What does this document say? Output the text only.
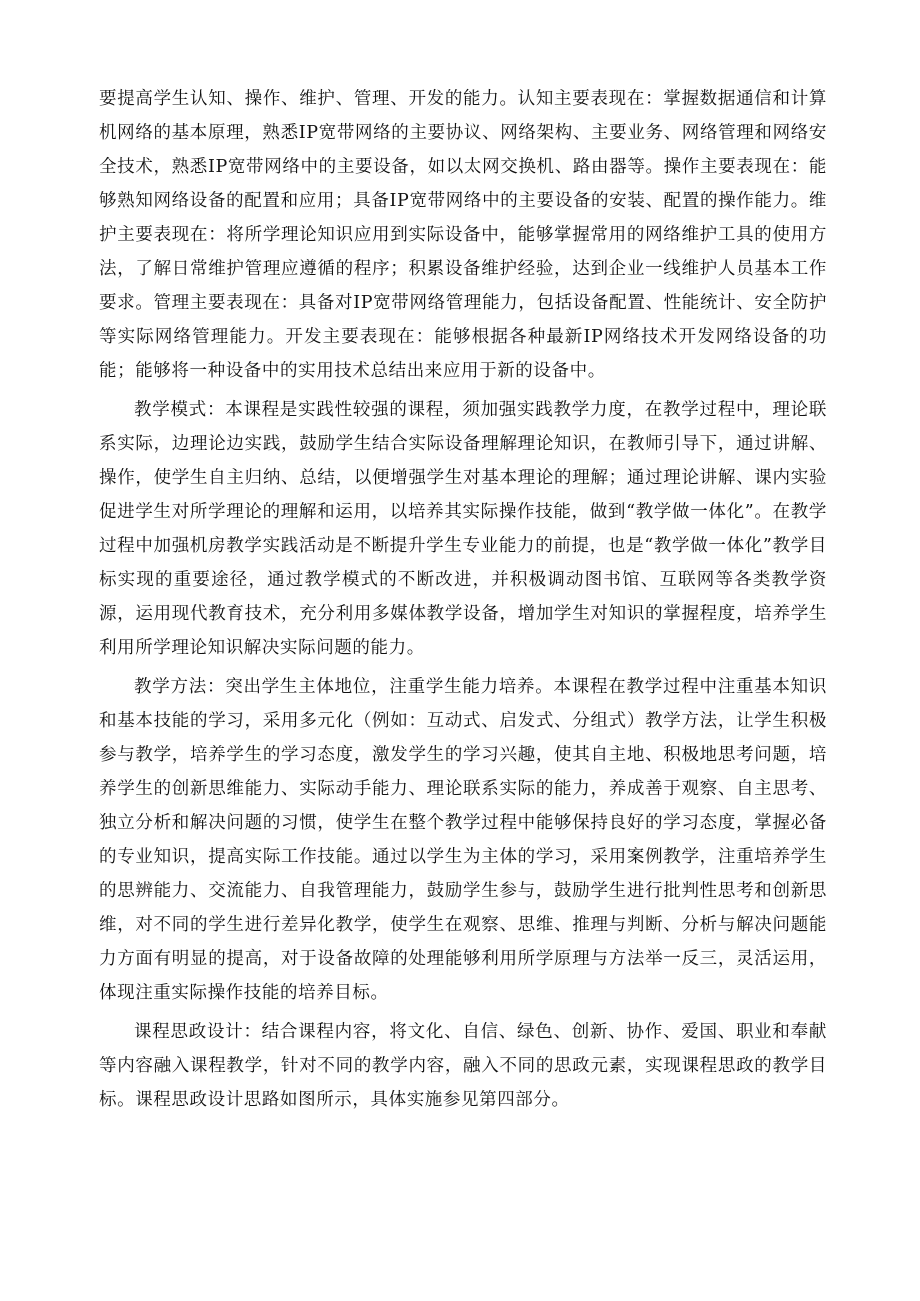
要提高学生认知、操作、维护、管理、开发的能力。认知主要表现在：掌握数据通信和计算机网络的基本原理，熟悉IP宽带网络的主要协议、网络架构、主要业务、网络管理和网络安全技术，熟悉IP宽带网络中的主要设备，如以太网交换机、路由器等。操作主要表现在：能够熟知网络设备的配置和应用；具备IP宽带网络中的主要设备的安装、配置的操作能力。维护主要表现在：将所学理论知识应用到实际设备中，能够掌握常用的网络维护工具的使用方法，了解日常维护管理应遵循的程序；积累设备维护经验，达到企业一线维护人员基本工作要求。管理主要表现在：具备对IP宽带网络管理能力，包括设备配置、性能统计、安全防护等实际网络管理能力。开发主要表现在：能够根据各种最新IP网络技术开发网络设备的功能；能够将一种设备中的实用技术总结出来应用于新的设备中。

教学模式：本课程是实践性较强的课程，须加强实践教学力度，在教学过程中，理论联系实际，边理论边实践，鼓励学生结合实际设备理解理论知识，在教师引导下，通过讲解、操作，使学生自主归纳、总结，以便增强学生对基本理论的理解；通过理论讲解、课内实验促进学生对所学理论的理解和运用，以培养其实际操作技能，做到“教学做一体化”。在教学过程中加强机房教学实践活动是不断提升学生专业能力的前提，也是“教学做一体化”教学目标实现的重要途径，通过教学模式的不断改进，并积极调动图书馆、互联网等各类教学资源，运用现代教育技术，充分利用多媒体教学设备，增加学生对知识的掌握程度，培养学生利用所学理论知识解决实际问题的能力。

教学方法：突出学生主体地位，注重学生能力培养。本课程在教学过程中注重基本知识和基本技能的学习，采用多元化（例如：互动式、启发式、分组式）教学方法，让学生积极参与教学，培养学生的学习态度，激发学生的学习兴趣，使其自主地、积极地思考问题，培养学生的创新思维能力、实际动手能力、理论联系实际的能力，养成善于观察、自主思考、独立分析和解决问题的习惯，使学生在整个教学过程中能够保持良好的学习态度，掌握必备的专业知识，提高实际工作技能。通过以学生为主体的学习，采用案例教学，注重培养学生的思辨能力、交流能力、自我管理能力，鼓励学生参与，鼓励学生进行批判性思考和创新思维，对不同的学生进行差异化教学，使学生在观察、思维、推理与判断、分析与解决问题能力方面有明显的提高，对于设备故障的处理能够利用所学原理与方法举一反三，灵活运用，体现注重实际操作技能的培养目标。

课程思政设计：结合课程内容，将文化、自信、绿色、创新、协作、爱国、职业和奉献等内容融入课程教学，针对不同的教学内容，融入不同的思政元素，实现课程思政的教学目标。课程思政设计思路如图所示，具体实施参见第四部分。
